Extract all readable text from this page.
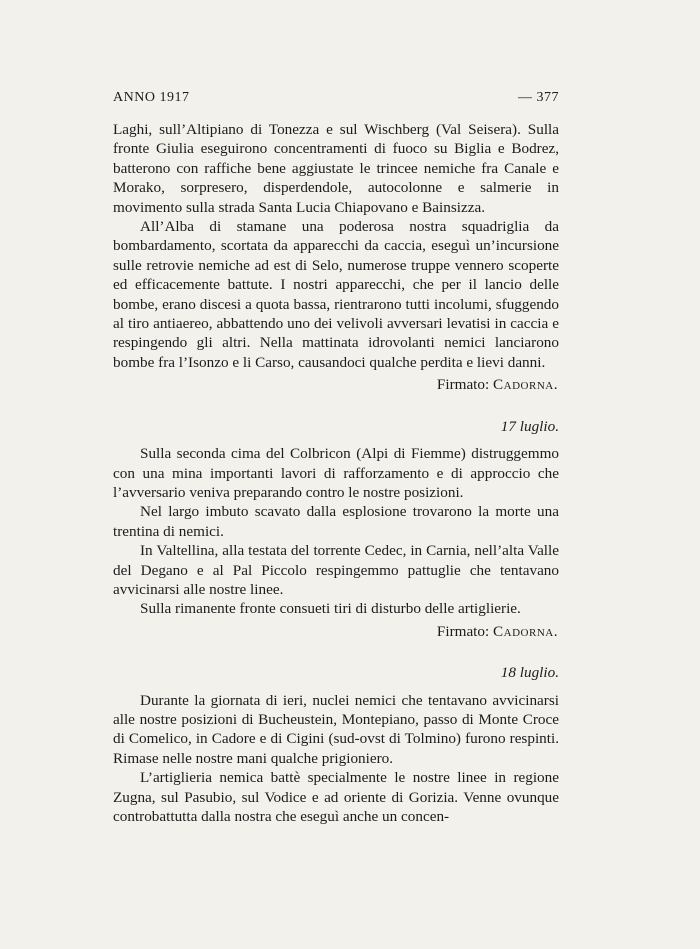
ANNO 1917	— 377

Laghi, sull’Altipiano di Tonezza e sul Wischberg (Val Seisera). Sulla fronte Giulia eseguirono concentramenti di fuoco su Biglia e Bodrez, batterono con raffiche bene aggiustate le trincee nemiche fra Canale e Morako, sorpresero, disperdendole, autocolonne e salmerie in movimento sulla strada Santa Lucia Chiapovano e Bainsizza.

All’Alba di stamane una poderosa nostra squadriglia da bombardamento, scortata da apparecchi da caccia, eseguì un’incursione sulle retrovie nemiche ad est di Selo, numerose truppe vennero scoperte ed efficacemente battute. I nostri apparecchi, che per il lancio delle bombe, erano discesi a quota bassa, rientrarono tutti incolumi, sfuggendo al tiro antiaereo, abbattendo uno dei velivoli avversari levatisi in caccia e respingendo gli altri. Nella mattinata idrovolanti nemici lanciarono bombe fra l’Isonzo e li Carso, causandoci qualche perdita e lievi danni.

Firmato: Cadorna.
17 luglio.

Sulla seconda cima del Colbricon (Alpi di Fiemme) distruggemmo con una mina importanti lavori di rafforzamento e di approccio che l’avversario veniva preparando contro le nostre posizioni.

Nel largo imbuto scavato dalla esplosione trovarono la morte una trentina di nemici.

In Valtellina, alla testata del torrente Cedec, in Carnia, nell’alta Valle del Degano e al Pal Piccolo respingemmo pattuglie che tentavano avvicinarsi alle nostre linee.

Sulla rimanente fronte consueti tiri di disturbo delle artiglierie.

Firmato: Cadorna.
18 luglio.

Durante la giornata di ieri, nuclei nemici che tentavano avvicinarsi alle nostre posizioni di Bucheustein, Montepiano, passo di Monte Croce di Comelico, in Cadore e di Cigini (sud-ovst di Tolmino) furono respinti. Rimase nelle nostre mani qualche prigioniero.

L’artiglieria nemica battè specialmente le nostre linee in regione Zugna, sul Pasubio, sul Vodice e ad oriente di Gorizia. Venne ovunque controbattutta dalla nostra che eseguì anche un concen-
